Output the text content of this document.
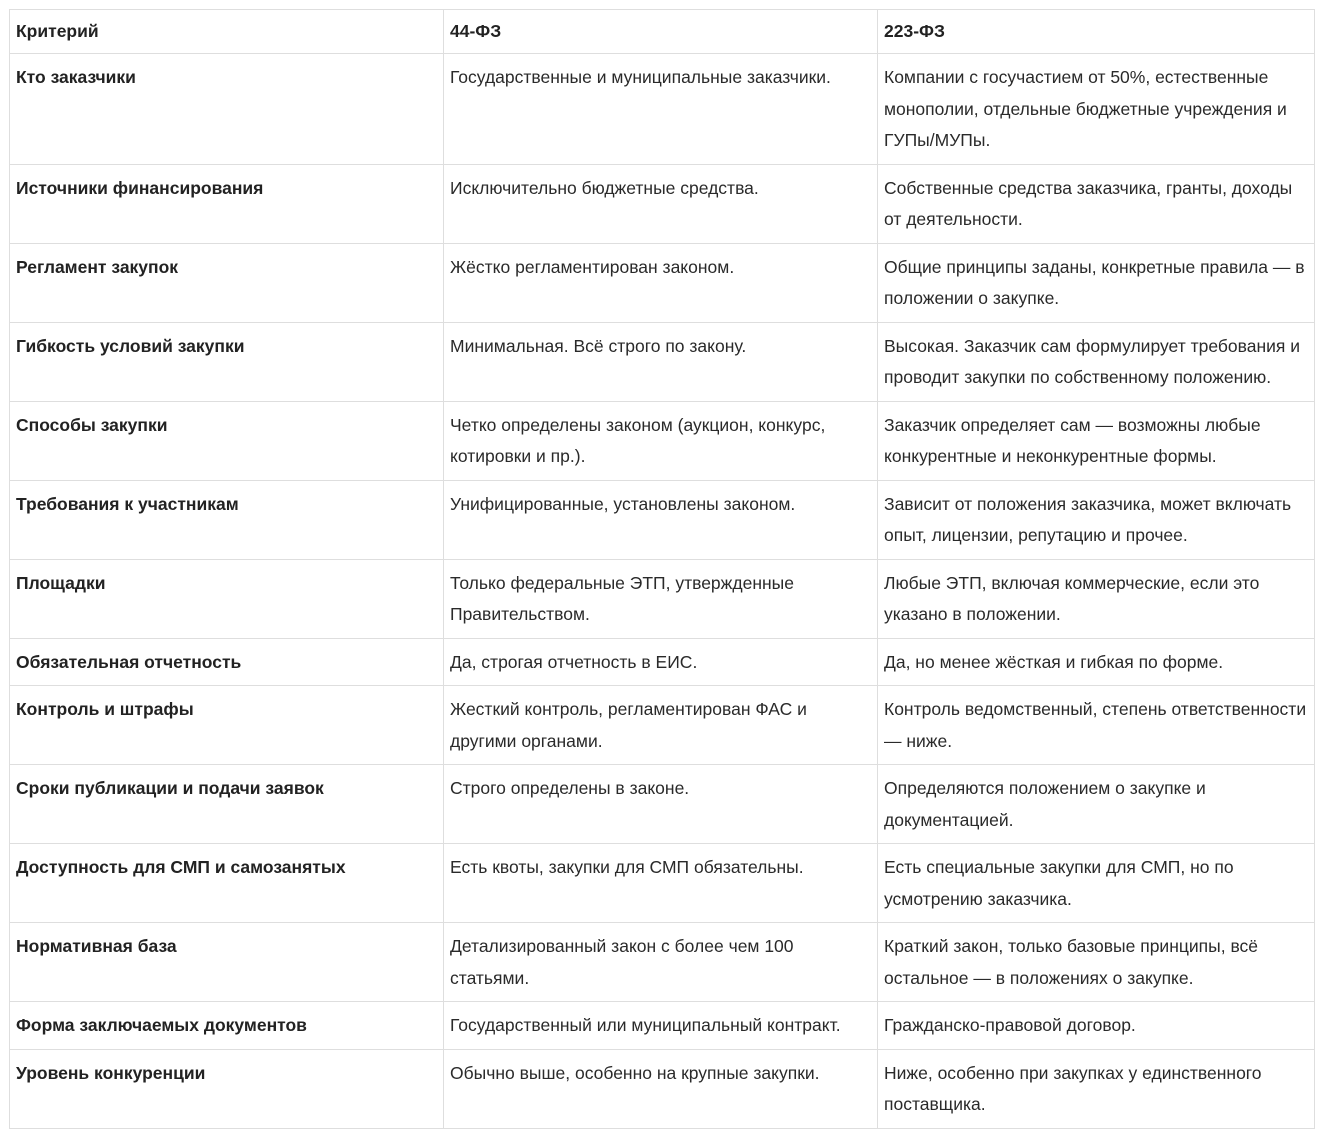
Критерий	44-ФЗ	223-ФЗ
Кто заказчики	Государственные и муниципальные заказчики.	Компании с госучастием от 50%, естественные монополии, отдельные бюджетные учреждения и ГУПы/МУПы.
Источники финансирования	Исключительно бюджетные средства.	Собственные средства заказчика, гранты, доходы от деятельности.
Регламент закупок	Жёстко регламентирован законом.	Общие принципы заданы, конкретные правила — в положении о закупке.
Гибкость условий закупки	Минимальная. Всё строго по закону.	Высокая. Заказчик сам формулирует требования и проводит закупки по собственному положению.
Способы закупки	Четко определены законом (аукцион, конкурс, котировки и пр.).	Заказчик определяет сам — возможны любые конкурентные и неконкурентные формы.
Требования к участникам	Унифицированные, установлены законом.	Зависит от положения заказчика, может включать опыт, лицензии, репутацию и прочее.
Площадки	Только федеральные ЭТП, утвержденные Правительством.	Любые ЭТП, включая коммерческие, если это указано в положении.
Обязательная отчетность	Да, строгая отчетность в ЕИС.	Да, но менее жёсткая и гибкая по форме.
Контроль и штрафы	Жесткий контроль, регламентирован ФАС и другими органами.	Контроль ведомственный, степень ответственности — ниже.
Сроки публикации и подачи заявок	Строго определены в законе.	Определяются положением о закупке и документацией.
Доступность для СМП и самозанятых	Есть квоты, закупки для СМП обязательны.	Есть специальные закупки для СМП, но по усмотрению заказчика.
Нормативная база	Детализированный закон с более чем 100 статьями.	Краткий закон, только базовые принципы, всё остальное — в положениях о закупке.
Форма заключаемых документов	Государственный или муниципальный контракт.	Гражданско-правовой договор.
Уровень конкуренции	Обычно выше, особенно на крупные закупки.	Ниже, особенно при закупках у единственного поставщика.
